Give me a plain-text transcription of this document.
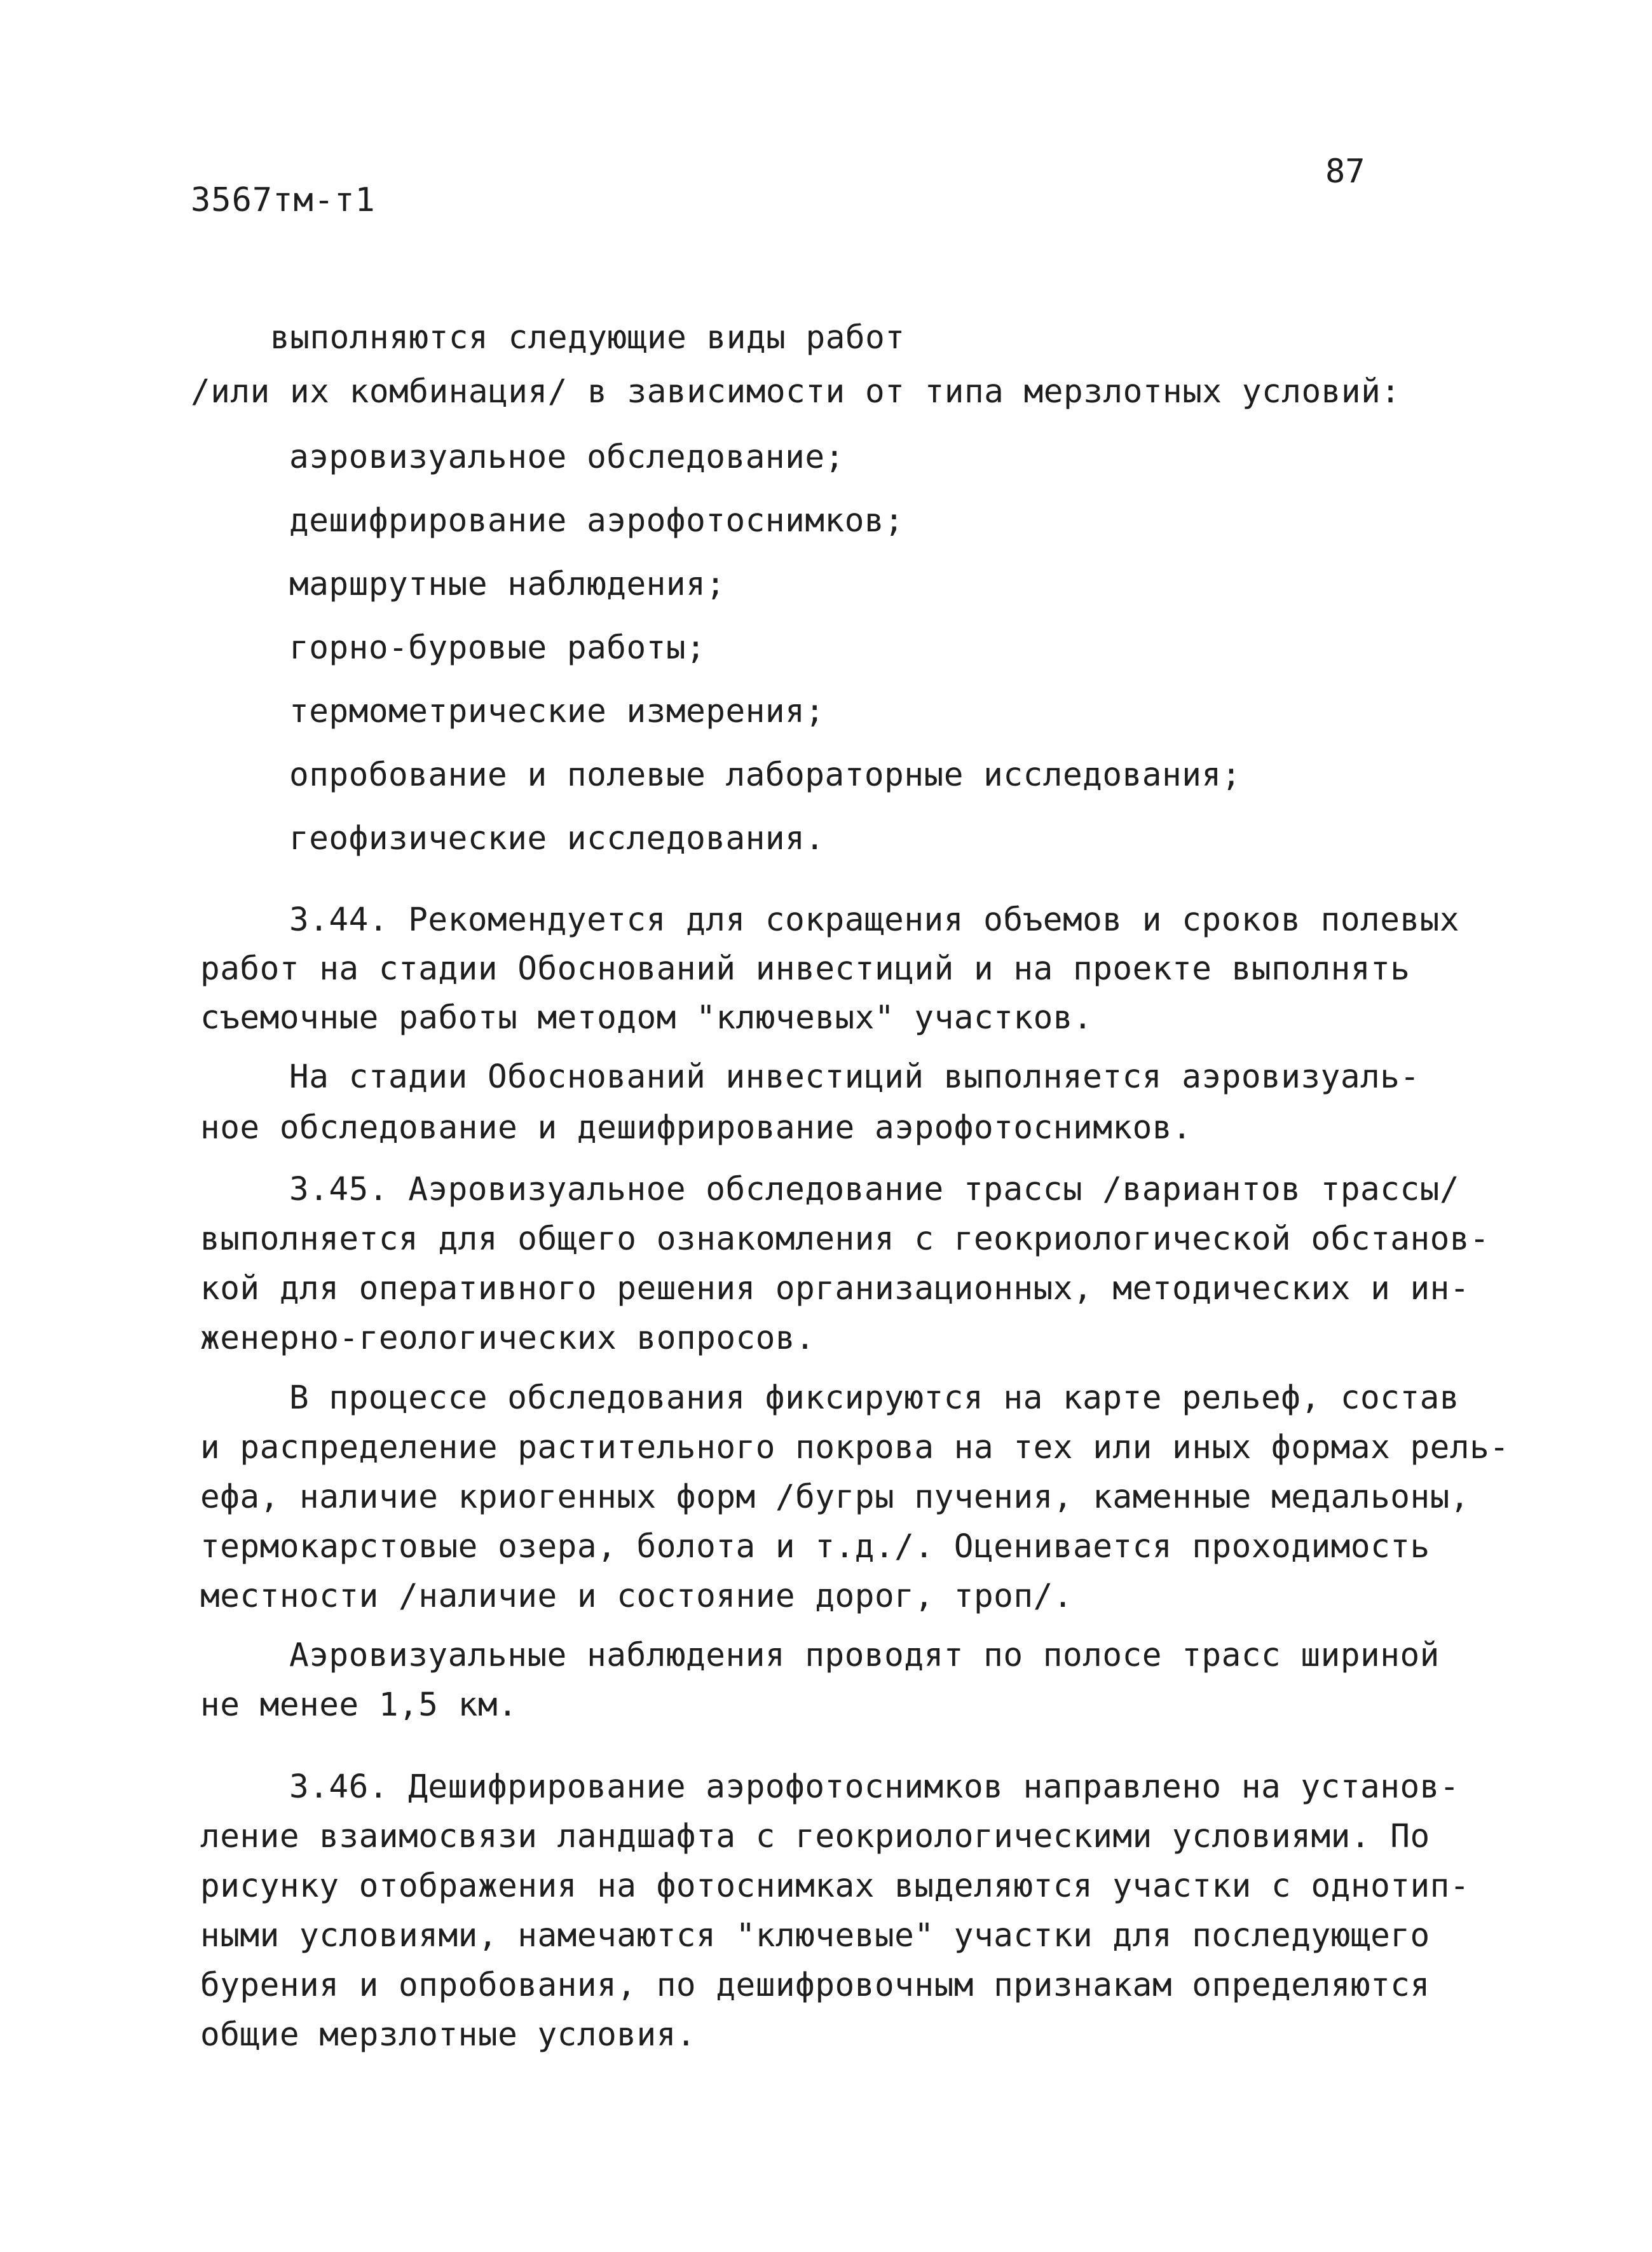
3567тм-т1
87
выполняются следующие виды работ
/или их комбинация/ в зависимости от типа мерзлотных условий:
аэровизуальное обследование;
дешифрирование аэрофотоснимков;
маршрутные наблюдения;
горно-буровые работы;
термометрические измерения;
опробование и полевые лабораторные исследования;
геофизические исследования.
3.44. Рекомендуется для сокращения объемов и сроков полевых
работ на стадии Обоснований инвестиций и на проекте выполнять
съемочные работы методом "ключевых" участков.
На стадии Обоснований инвестиций выполняется аэровизуаль-
ное обследование и дешифрирование аэрофотоснимков.
3.45. Аэровизуальное обследование трассы /вариантов трассы/
выполняется для общего ознакомления с геокриологической обстанов-
кой для оперативного решения организационных, методических и ин-
женерно-геологических вопросов.
В процессе обследования фиксируются на карте рельеф, состав
и распределение растительного покрова на тех или иных формах рель-
ефа, наличие криогенных форм /бугры пучения, каменные медальоны,
термокарстовые озера, болота и т.д./. Оценивается проходимость
местности /наличие и состояние дорог, троп/.
Аэровизуальные наблюдения проводят по полосе трасс шириной
не менее 1,5 км.
3.46. Дешифрирование аэрофотоснимков направлено на установ-
ление взаимосвязи ландшафта с геокриологическими условиями. По
рисунку отображения на фотоснимках выделяются участки с однотип-
ными условиями, намечаются "ключевые" участки для последующего
бурения и опробования, по дешифровочным признакам определяются
общие мерзлотные условия.
